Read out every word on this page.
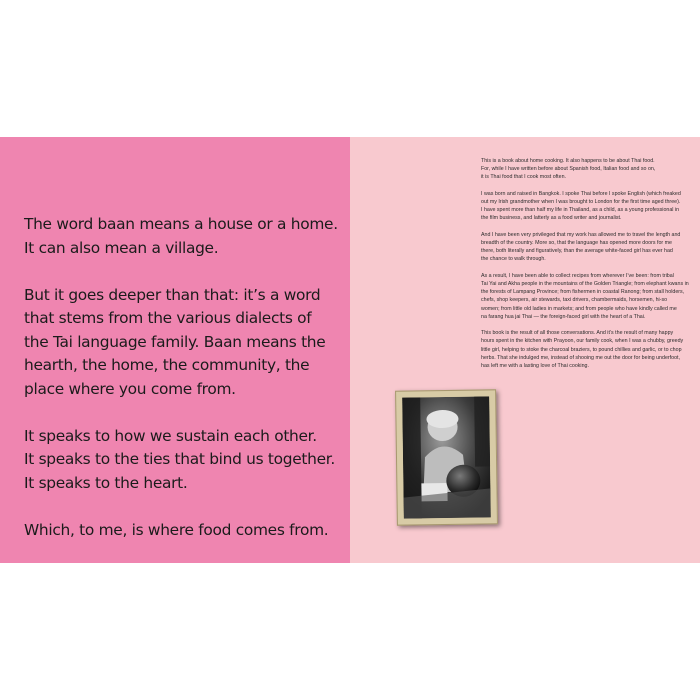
The word baan means a house or a home.
It can also mean a village.

But it goes deeper than that: it’s a word
that stems from the various dialects of
the Tai language family. Baan means the
hearth, the home, the community, the
place where you come from.

It speaks to how we sustain each other.
It speaks to the ties that bind us together.
It speaks to the heart.

Which, to me, is where food comes from.

This is a book about home cooking. It also happens to be about Thai food.
For, while I have written before about Spanish food, Italian food and so on,
it is Thai food that I cook most often.

I was born and raised in Bangkok. I spoke Thai before I spoke English (which freaked
out my Irish grandmother when I was brought to London for the first time aged three).
I have spent more than half my life in Thailand, as a child, as a young professional in
the film business, and latterly as a food writer and journalist.

And I have been very privileged that my work has allowed me to travel the length and
breadth of the country. More so, that the language has opened more doors for me
there, both literally and figuratively, than the average white-faced girl has ever had
the chance to walk through.

As a result, I have been able to collect recipes from wherever I’ve been: from tribal
Tai Yai and Akha people in the mountains of the Golden Triangle; from elephant kwans in
the forests of Lampang Province; from fishermen in coastal Ranong; from stall holders,
chefs, shop keepers, air stewards, taxi drivers, chambermaids, horsemen, hi-so
women; from little old ladies in markets; and from people who have kindly called me
na farang hua jai Thai — the foreign-faced girl with the heart of a Thai.

This book is the result of all those conversations. And it’s the result of many happy
hours spent in the kitchen with Prayoon, our family cook, when I was a chubby, greedy
little girl, helping to stoke the charcoal braziers, to pound chillies and garlic, or to chop
herbs. That she indulged me, instead of shooing me out the door for being underfoot,
has left me with a lasting love of Thai cooking.
